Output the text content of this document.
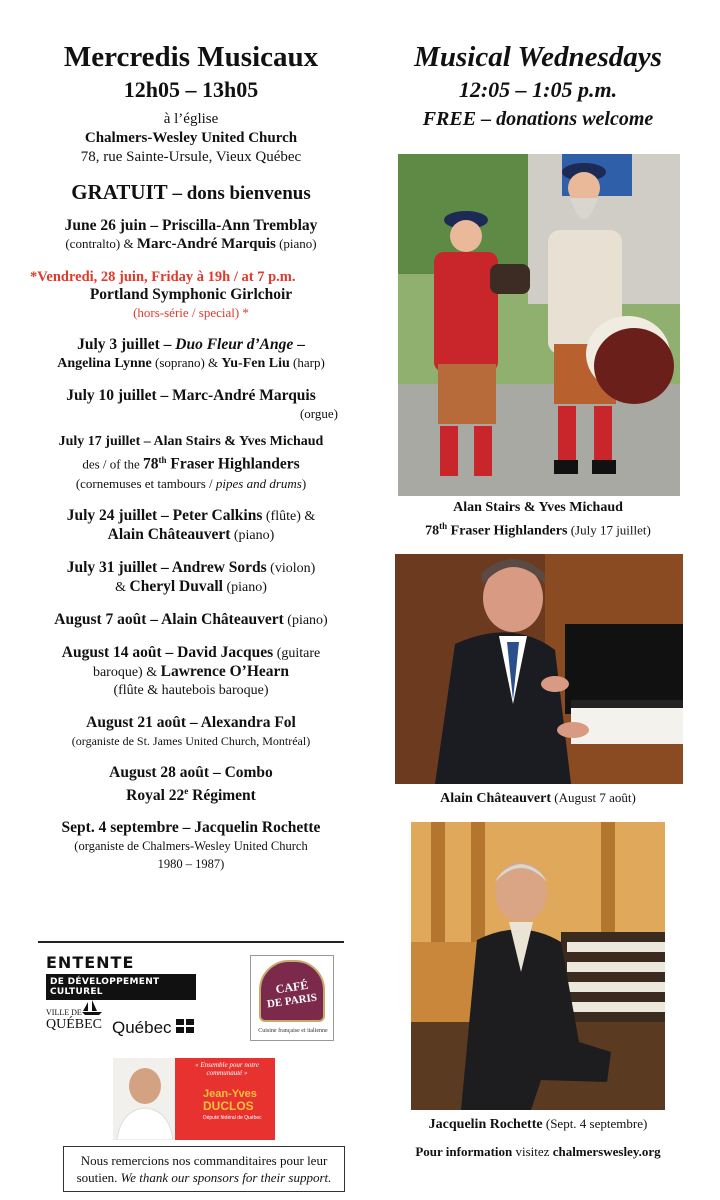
Mercredis Musicaux
12h05 – 13h05
à l’église
Chalmers-Wesley United Church
78, rue Sainte-Ursule, Vieux Québec
GRATUIT – dons bienvenus
June 26 juin – Priscilla-Ann Tremblay
(contralto) & Marc-André Marquis (piano)
*Vendredi, 28 juin, Friday à 19h / at 7 p.m.
Portland Symphonic Girlchoir
(hors-série / special) *
July 3 juillet – Duo Fleur d’Ange –
Angelina Lynne (soprano) & Yu-Fen Liu (harp)
July 10 juillet – Marc-André Marquis
(orgue)
July 17 juillet – Alan Stairs & Yves Michaud
des / of the 78th Fraser Highlanders
(cornemuses et tambours / pipes and drums)
July 24 juillet – Peter Calkins (flûte) &
Alain Châteauvert (piano)
July 31 juillet – Andrew Sords (violon)
& Cheryl Duvall (piano)
August 7 août – Alain Châteauvert (piano)
August 14 août – David Jacques (guitare
baroque) & Lawrence O’Hearn
(flûte & hautebois baroque)
August 21 août – Alexandra Fol
(organiste de St. James United Church, Montréal)
August 28 août – Combo
Royal 22e Régiment
Sept. 4 septembre – Jacquelin Rochette
(organiste de Chalmers-Wesley United Church
1980 – 1987)
Musical Wednesdays
12:05 – 1:05 p.m.
FREE – donations welcome
Alan Stairs & Yves Michaud
78th Fraser Highlanders (July 17 juillet)
Alain Châteauvert (August 7 août)
Jacquelin Rochette (Sept. 4 septembre)
ENTENTE
DE DÉVELOPPEMENT CULTUREL
VILLE DE
QUÉBEC Québec
CAFÉ
DE PARIS
Cuisine française et italienne
« Ensemble pour notre communauté »
Jean-Yves
DUCLOS
Député fédéral de Québec
Nous remercions nos commanditaires pour leur
soutien. We thank our sponsors for their support.
Pour information visitez chalmerswesley.org
